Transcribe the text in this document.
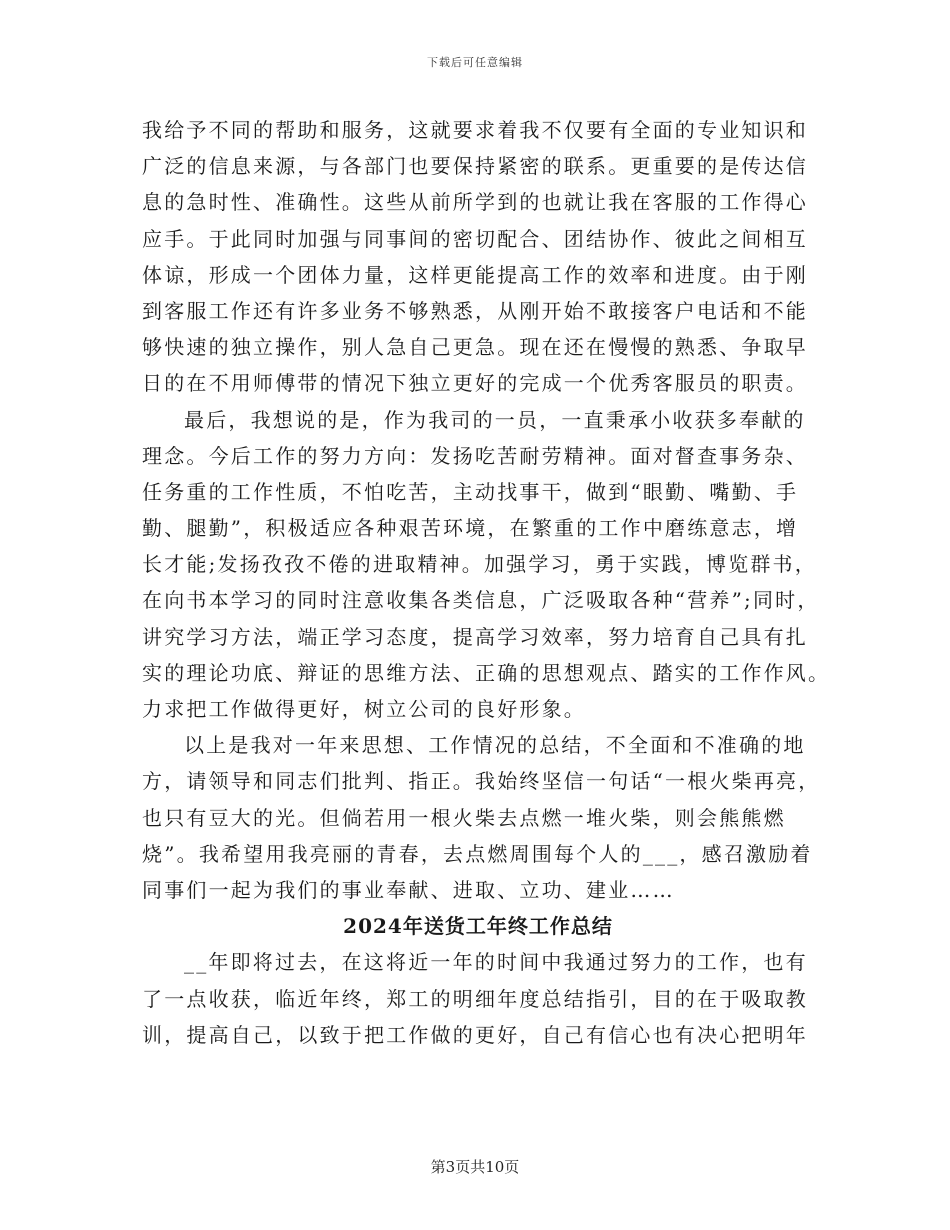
下载后可任意编辑
我给予不同的帮助和服务，这就要求着我不仅要有全面的专业知识和
广泛的信息来源，与各部门也要保持紧密的联系。更重要的是传达信
息的急时性、准确性。这些从前所学到的也就让我在客服的工作得心
应手。于此同时加强与同事间的密切配合、团结协作、彼此之间相互
体谅，形成一个团体力量，这样更能提高工作的效率和进度。由于刚
到客服工作还有许多业务不够熟悉，从刚开始不敢接客户电话和不能
够快速的独立操作，别人急自己更急。现在还在慢慢的熟悉、争取早
日的在不用师傅带的情况下独立更好的完成一个优秀客服员的职责。
最后，我想说的是，作为我司的一员，一直秉承小收获多奉献的
理念。今后工作的努力方向：发扬吃苦耐劳精神。面对督查事务杂、
任务重的工作性质，不怕吃苦，主动找事干，做到“眼勤、嘴勤、手
勤、腿勤”，积极适应各种艰苦环境，在繁重的工作中磨练意志，增
长才能;发扬孜孜不倦的进取精神。加强学习，勇于实践，博览群书，
在向书本学习的同时注意收集各类信息，广泛吸取各种“营养”;同时，
讲究学习方法，端正学习态度，提高学习效率，努力培育自己具有扎
实的理论功底、辩证的思维方法、正确的思想观点、踏实的工作作风。
力求把工作做得更好，树立公司的良好形象。
以上是我对一年来思想、工作情况的总结，不全面和不准确的地
方，请领导和同志们批判、指正。我始终坚信一句话“一根火柴再亮，
也只有豆大的光。但倘若用一根火柴去点燃一堆火柴，则会熊熊燃
烧”。我希望用我亮丽的青春，去点燃周围每个人的___，感召激励着
同事们一起为我们的事业奉献、进取、立功、建业……
2024年送货工年终工作总结
__年即将过去，在这将近一年的时间中我通过努力的工作，也有
了一点收获，临近年终，郑工的明细年度总结指引，目的在于吸取教
训，提高自己，以致于把工作做的更好，自己有信心也有决心把明年
第3页共10页
